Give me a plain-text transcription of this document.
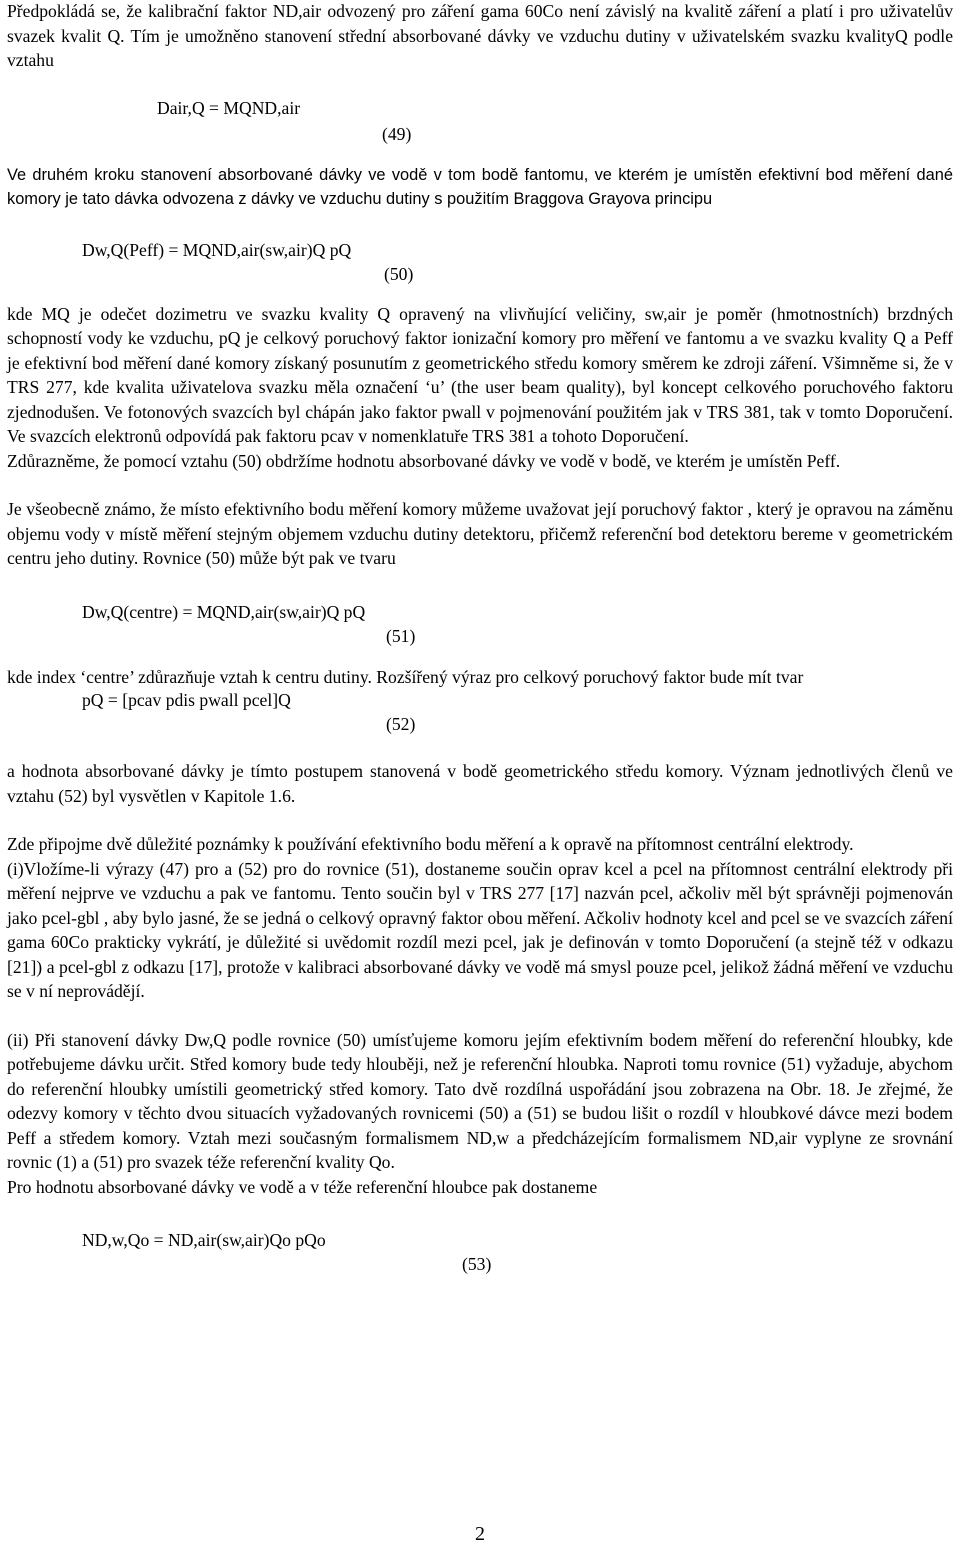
Předpokládá se, že kalibrační faktor ND,air odvozený pro záření gama 60Co není závislý na kvalitě záření a platí i pro uživatelův svazek kvalit Q. Tím je umožněno stanovení střední absorbované dávky ve vzduchu dutiny v uživatelském svazku kvalityQ podle vztahu

Dair,Q = MQND,air
(49)

Ve druhém kroku stanovení absorbované dávky ve vodě v tom bodě fantomu, ve kterém je umístěn efektivní bod měření dané komory je tato dávka odvozena z dávky ve vzduchu dutiny s použitím Braggova Grayova principu

Dw,Q(Peff) = MQND,air(sw,air)Q pQ
(50)

kde MQ je odečet dozimetru ve svazku kvality Q opravený na vlivňující veličiny, sw,air je poměr (hmotnostních) brzdných schopností vody ke vzduchu, pQ je celkový poruchový faktor ionizační komory pro měření ve fantomu a ve svazku kvality Q a Peff je efektivní bod měření dané komory získaný posunutím z geometrického středu komory směrem ke zdroji záření. Všimněme si, že v TRS 277, kde kvalita uživatelova svazku měla označení ‘u’ (the user beam quality), byl koncept celkového poruchového faktoru zjednodušen. Ve fotonových svazcích byl chápán jako faktor pwall v pojmenování použitém jak v TRS 381, tak v tomto Doporučení. Ve svazcích elektronů odpovídá pak faktoru pcav v nomenklatuře TRS 381 a tohoto Doporučení.

Zdůrazněme, že pomocí vztahu (50) obdržíme hodnotu absorbované dávky ve vodě v bodě, ve kterém je umístěn Peff.

Je všeobecně známo, že místo efektivního bodu měření komory můžeme uvažovat její poruchový faktor , který je opravou na záměnu objemu vody v místě měření stejným objemem vzduchu dutiny detektoru, přičemž referenční bod detektoru bereme v geometrickém centru jeho dutiny. Rovnice (50) může být pak ve tvaru

Dw,Q(centre) = MQND,air(sw,air)Q pQ
(51)

kde index ‘centre’ zdůrazňuje vztah k centru dutiny. Rozšířený výraz pro celkový poruchový faktor bude mít tvar

pQ = [pcav pdis pwall pcel]Q
(52)

a hodnota absorbované dávky je tímto postupem stanovená v bodě geometrického středu komory. Význam jednotlivých členů ve vztahu (52) byl vysvětlen v Kapitole 1.6.

Zde připojme dvě důležité poznámky k používání efektivního bodu měření a k opravě na přítomnost centrální elektrody.

(i)Vložíme-li výrazy (47) pro a (52) pro do rovnice (51), dostaneme součin oprav kcel a pcel na přítomnost centrální elektrody při měření nejprve ve vzduchu a pak ve fantomu. Tento součin byl v TRS 277 [17] nazván pcel, ačkoliv měl být správněji pojmenován jako pcel-gbl , aby bylo jasné, že se jedná o celkový opravný faktor obou měření. Ačkoliv hodnoty kcel and pcel se ve svazcích záření gama 60Co prakticky vykrátí, je důležité si uvědomit rozdíl mezi pcel, jak je definován v tomto Doporučení (a stejně též v odkazu [21]) a pcel-gbl z odkazu [17], protože v kalibraci absorbované dávky ve vodě má smysl pouze pcel, jelikož žádná měření ve vzduchu se v ní neprovádějí.

(ii) Při stanovení dávky Dw,Q podle rovnice (50) umísťujeme komoru jejím efektivním bodem měření do referenční hloubky, kde potřebujeme dávku určit. Střed komory bude tedy hlouběji, než je referenční hloubka. Naproti tomu rovnice (51) vyžaduje, abychom do referenční hloubky umístili geometrický střed komory. Tato dvě rozdílná uspořádání jsou zobrazena na Obr. 18. Je zřejmé, že odezvy komory v těchto dvou situacích vyžadovaných rovnicemi (50) a (51) se budou lišit o rozdíl v hloubkové dávce mezi bodem Peff a středem komory. Vztah mezi současným formalismem ND,w a předcházejícím formalismem ND,air vyplyne ze srovnání rovnic (1) a (51) pro svazek téže referenční kvality Qo.

Pro hodnotu absorbované dávky ve vodě a v téže referenční hloubce pak dostaneme

ND,w,Qo = ND,air(sw,air)Qo pQo
(53)
2
